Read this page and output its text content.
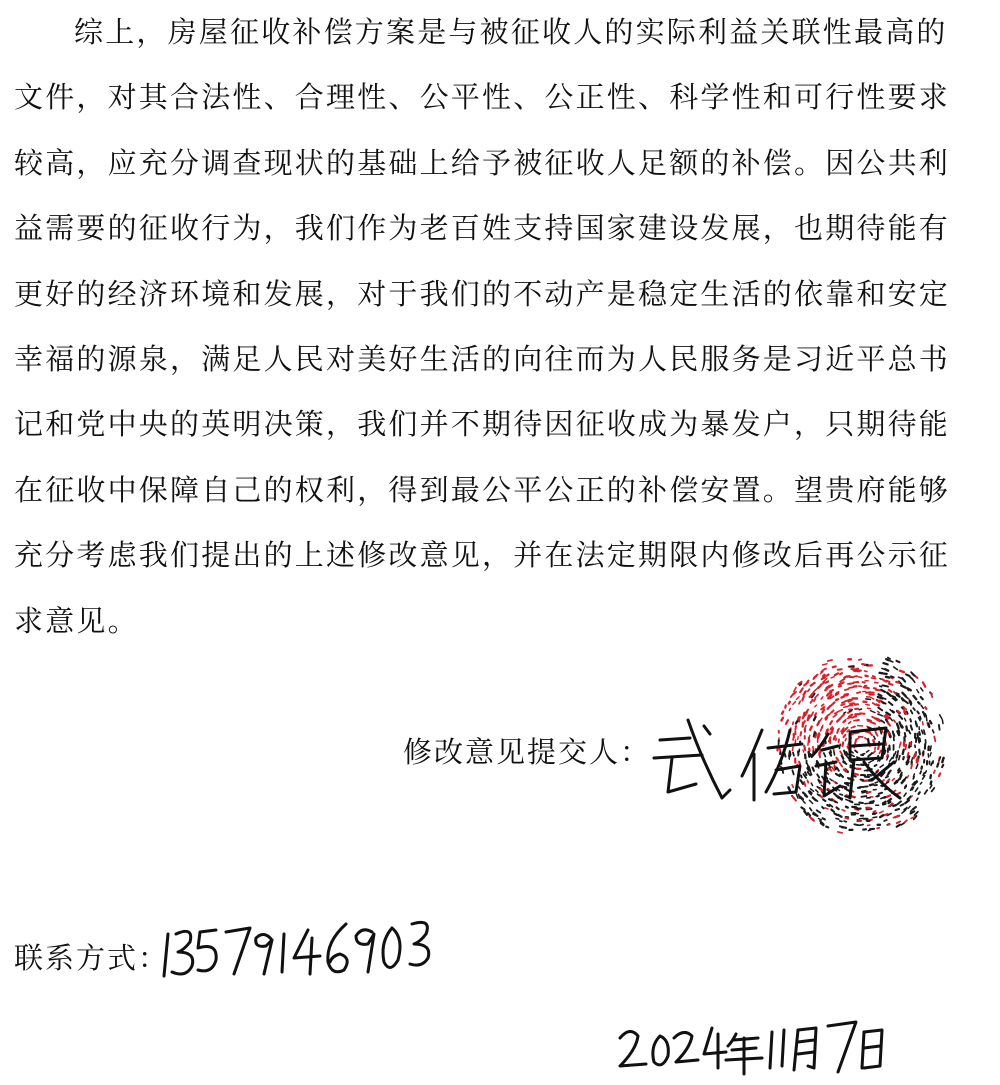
综上，房屋征收补偿方案是与被征收人的实际利益关联性最高的
文件，对其合法性、合理性、公平性、公正性、科学性和可行性要求
较高，应充分调查现状的基础上给予被征收人足额的补偿。因公共利
益需要的征收行为，我们作为老百姓支持国家建设发展，也期待能有
更好的经济环境和发展，对于我们的不动产是稳定生活的依靠和安定
幸福的源泉，满足人民对美好生活的向往而为人民服务是习近平总书
记和党中央的英明决策，我们并不期待因征收成为暴发户，只期待能
在征收中保障自己的权利，得到最公平公正的补偿安置。望贵府能够
充分考虑我们提出的上述修改意见，并在法定期限内修改后再公示征
求意见。
修改意见提交人：
联系方式：
